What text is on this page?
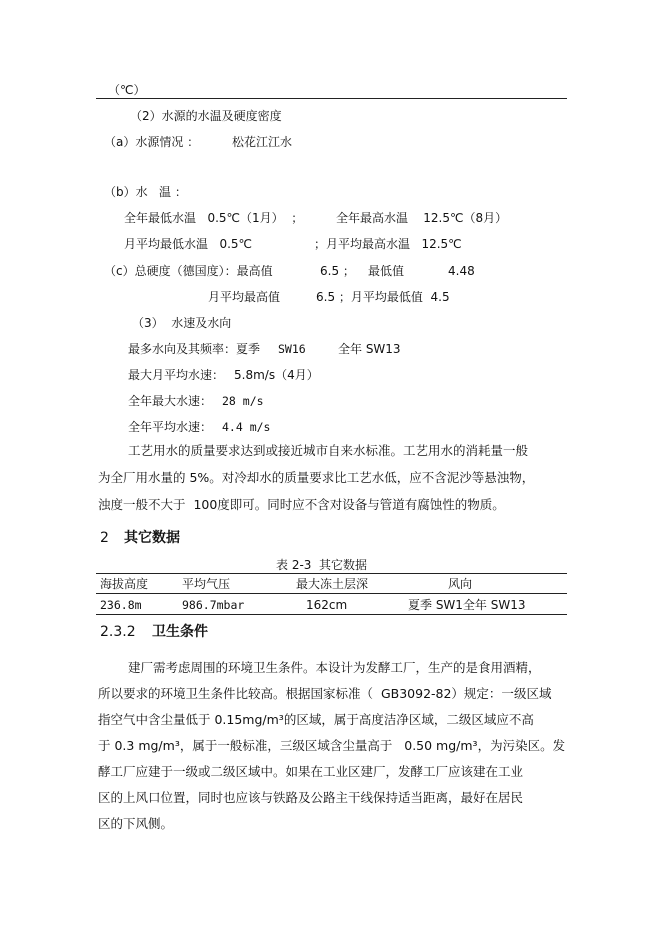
（℃）
（2）水源的水温及硬度密度
（a）水源情况 ：	松花江江水
（b）水   温 ：
全年最低水温   0.5℃（1月）  ；	全年最高水温    12.5℃（8月）
月平均最低水温   0.5℃	；月平均最高水温   12.5℃
（c）总硬度（德国度）：最高值	6.5 ； 最低值	4.48
月平均最高值	6.5 ；月平均最低值  4.5
（3）  水速及水向
最多水向及其频率：夏季 SW16	全年 SW13
最大月平均水速： 5.8m/s（4月）
全年最大水速： 28 m/s
全年平均水速： 4.4 m/s
工艺用水的质量要求达到或接近城市自来水标准。工艺用水的消耗量一般
为全厂用水量的 5%。对冷却水的质量要求比工艺水低，应不含泥沙等悬浊物，
浊度一般不大于  100度即可。同时应不含对设备与管道有腐蚀性的物质。
2 其它数据
表 2-3  其它数据
海拔高度	平均气压	最大冻土层深	风向
236.8m	986.7mbar	162cm	夏季 SW1全年 SW13
2.3.2 卫生条件
建厂需考虑周围的环境卫生条件。本设计为发酵工厂，生产的是食用酒精，
所以要求的环境卫生条件比较高。根据国家标准（  GB3092-82）规定：一级区域
指空气中含尘量低于 0.15mg/m³的区域，属于高度洁净区域，二级区域应不高
于 0.3 mg/m³，属于一般标准，三级区域含尘量高于   0.50 mg/m³，为污染区。发
酵工厂应建于一级或二级区域中。如果在工业区建厂，发酵工厂应该建在工业
区的上风口位置，同时也应该与铁路及公路主干线保持适当距离，最好在居民
区的下风侧。
